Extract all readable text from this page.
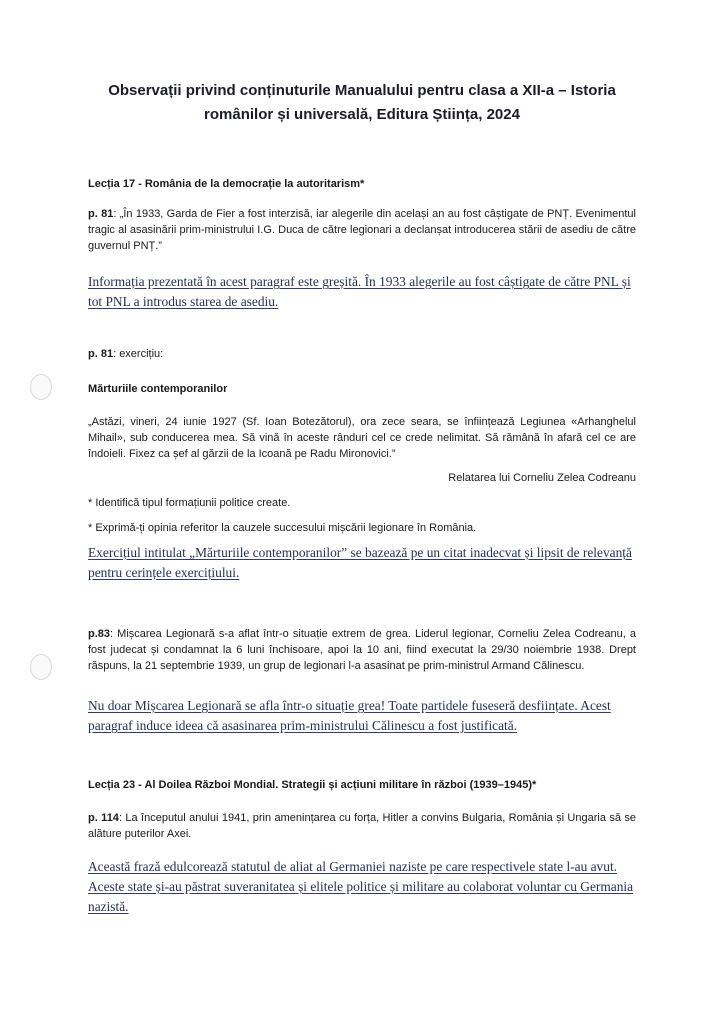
Observații privind conținuturile Manualului pentru clasa a XII-a – Istoria
românilor și universală, Editura Știința, 2024
Lecția 17 - România de la democrație la autoritarism*
p. 81: „În 1933, Garda de Fier a fost interzisă, iar alegerile din același an au fost câștigate de PNȚ. Evenimentul tragic al asasinării prim-ministrului I.G. Duca de către legionari a declanșat introducerea stării de asediu de către guvernul PNȚ.”
Informația prezentată în acest paragraf este greșită. În 1933 alegerile au fost câștigate de către PNL și tot PNL a introdus starea de asediu.
p. 81: exercițiu:
Mărturiile contemporanilor
„Astăzi, vineri, 24 iunie 1927 (Sf. Ioan Botezătorul), ora zece seara, se înființează Legiunea «Arhanghelul Mihail», sub conducerea mea. Să vină în aceste rânduri cel ce crede nelimitat. Să rămână în afară cel ce are îndoieli. Fixez ca șef al gărzii de la Icoană pe Radu Mironovici.”
Relatarea lui Corneliu Zelea Codreanu
* Identifică tipul formațiunii politice create.
* Exprimă-ți opinia referitor la cauzele succesului mișcării legionare în România.
Exercițiul intitulat „Mărturiile contemporanilor” se bazează pe un citat inadecvat și lipsit de relevanță pentru cerințele exercițiului.
p.83: Mișcarea Legionară s-a aflat într-o situație extrem de grea. Liderul legionar, Corneliu Zelea Codreanu, a fost judecat și condamnat la 6 luni închisoare, apoi la 10 ani, fiind executat la 29/30 noiembrie 1938. Drept răspuns, la 21 septembrie 1939, un grup de legionari l-a asasinat pe prim-ministrul Armand Călinescu.
Nu doar Mișcarea Legionară se afla într-o situație grea! Toate partidele fuseseră desființate. Acest paragraf induce ideea că asasinarea prim-ministrului Călinescu a fost justificată.
Lecția 23 - Al Doilea Război Mondial. Strategii și acțiuni militare în război (1939–1945)*
p. 114: La începutul anului 1941, prin amenințarea cu forța, Hitler a convins Bulgaria, România și Ungaria să se alăture puterilor Axei.
Această frază edulcorează statutul de aliat al Germaniei naziste pe care respectivele state l-au avut. Aceste state și-au păstrat suveranitatea și elitele politice și militare au colaborat voluntar cu Germania nazistă.
